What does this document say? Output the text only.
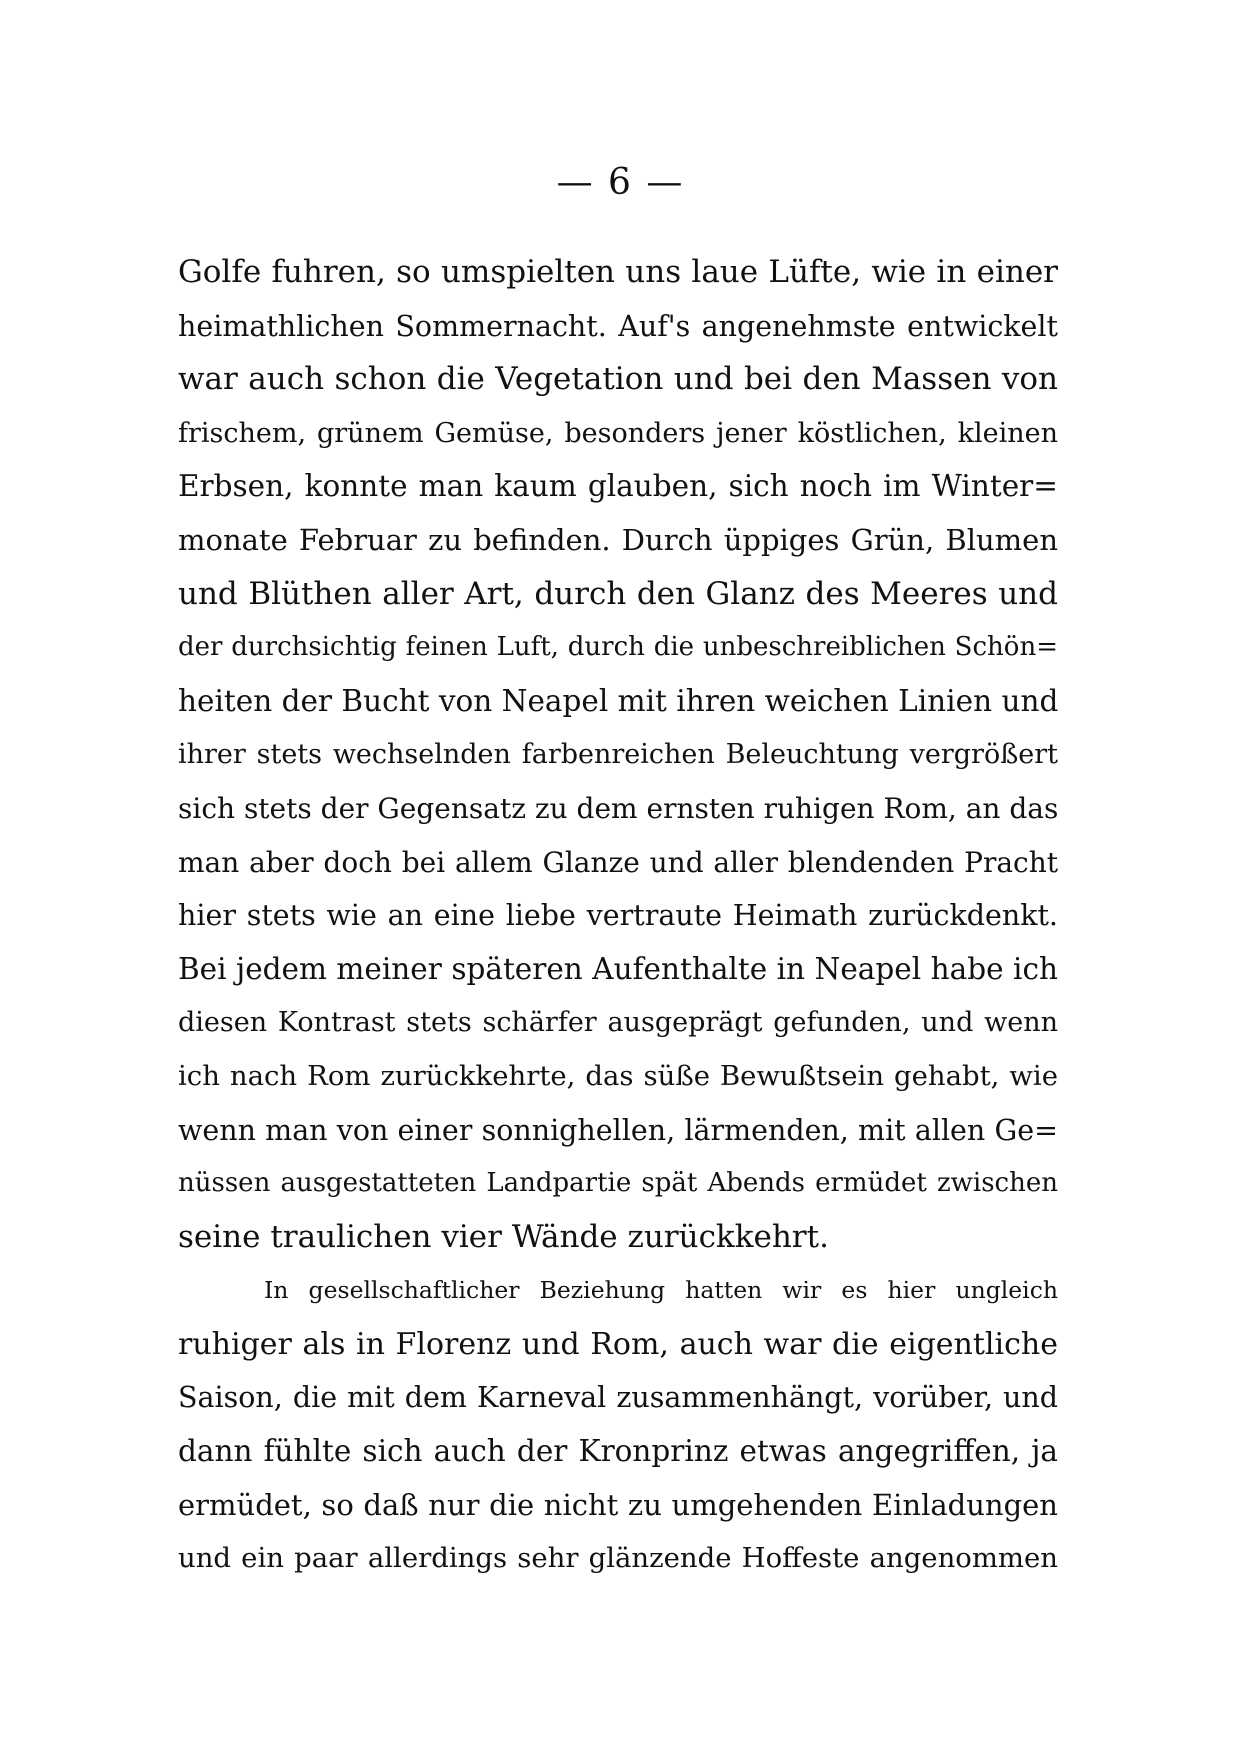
— 6 —
Golfe fuhren, so umspielten uns laue Lüfte, wie in einer
heimathlichen Sommernacht. Auf's angenehmste entwickelt
war auch schon die Vegetation und bei den Massen von
frischem, grünem Gemüse, besonders jener köstlichen, kleinen
Erbsen, konnte man kaum glauben, sich noch im Winter=
monate Februar zu befinden. Durch üppiges Grün, Blumen
und Blüthen aller Art, durch den Glanz des Meeres und
der durchsichtig feinen Luft, durch die unbeschreiblichen Schön=
heiten der Bucht von Neapel mit ihren weichen Linien und
ihrer stets wechselnden farbenreichen Beleuchtung vergrößert
sich stets der Gegensatz zu dem ernsten ruhigen Rom, an das
man aber doch bei allem Glanze und aller blendenden Pracht
hier stets wie an eine liebe vertraute Heimath zurückdenkt.
Bei jedem meiner späteren Aufenthalte in Neapel habe ich
diesen Kontrast stets schärfer ausgeprägt gefunden, und wenn
ich nach Rom zurückkehrte, das süße Bewußtsein gehabt, wie
wenn man von einer sonnighellen, lärmenden, mit allen Ge=
nüssen ausgestatteten Landpartie spät Abends ermüdet zwischen
seine traulichen vier Wände zurückkehrt.
In gesellschaftlicher Beziehung hatten wir es hier ungleich
ruhiger als in Florenz und Rom, auch war die eigentliche
Saison, die mit dem Karneval zusammenhängt, vorüber, und
dann fühlte sich auch der Kronprinz etwas angegriffen, ja
ermüdet, so daß nur die nicht zu umgehenden Einladungen
und ein paar allerdings sehr glänzende Hoffeste angenommen
